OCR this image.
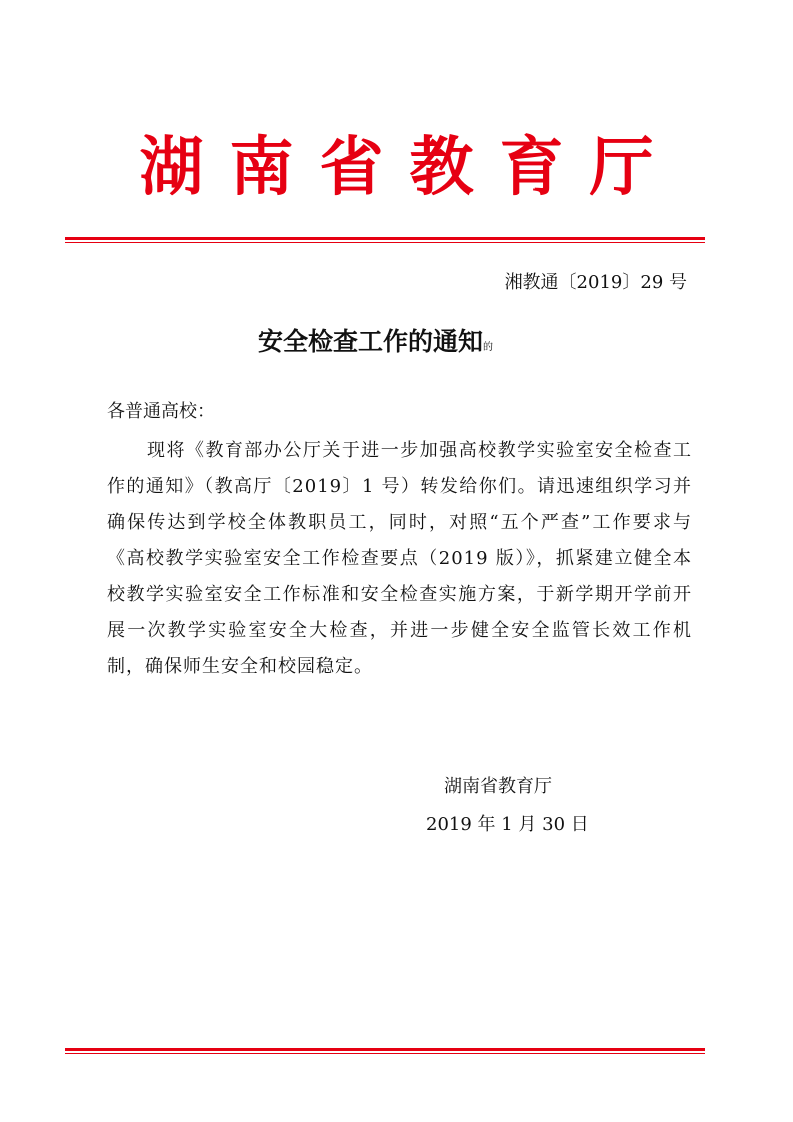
湖南省教育厅
湘教通〔2019〕29 号
安全检查工作的通知的
各普通高校：

现将《教育部办公厅关于进一步加强高校教学实验室安全检查工作的通知》（教高厅〔2019〕1 号）转发给你们。请迅速组织学习并确保传达到学校全体教职员工，同时，对照“五个严查”工作要求与《高校教学实验室安全工作检查要点（2019 版）》，抓紧建立健全本校教学实验室安全工作标准和安全检查实施方案，于新学期开学前开展一次教学实验室安全大检查，并进一步健全安全监管长效工作机制，确保师生安全和校园稳定。

湖南省教育厅
2019 年 1 月 30 日
